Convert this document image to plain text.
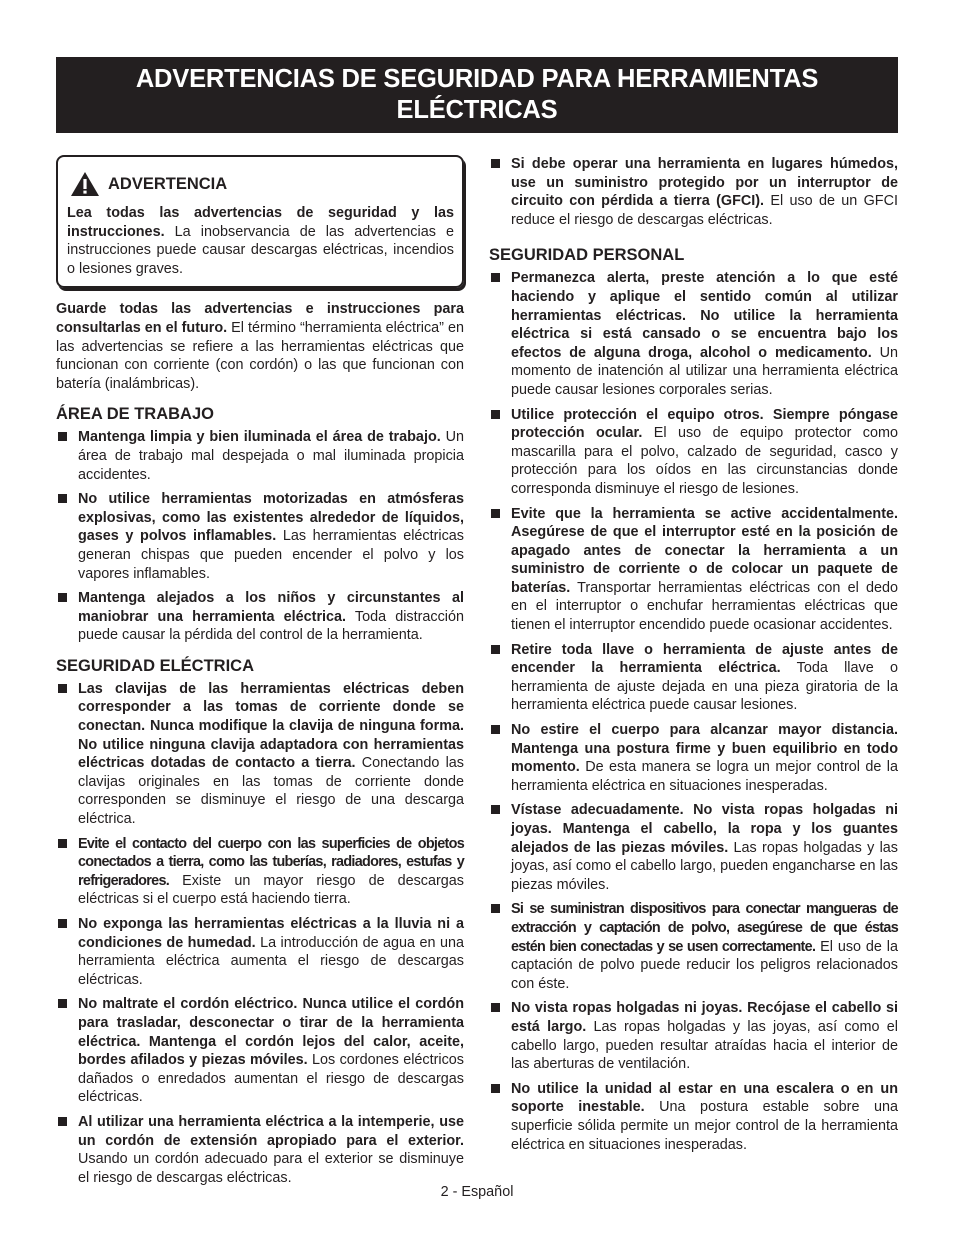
ADVERTENCIAS DE SEGURIDAD PARA HERRAMIENTAS
ELÉCTRICAS
ADVERTENCIA
Lea todas las advertencias de seguridad y las instrucciones. La inobservancia de las advertencias e instrucciones puede causar descargas eléctricas, incendios o lesiones graves.
Guarde todas las advertencias e instrucciones para consultarlas en el futuro. El término “herramienta eléctrica” en las advertencias se refiere a las herramientas eléctricas que funcionan con corriente (con cordón) o las que funcionan con batería (inalámbricas).
ÁREA DE TRABAJO
Mantenga limpia y bien iluminada el área de trabajo. Un área de trabajo mal despejada o mal iluminada propicia accidentes.
No utilice herramientas motorizadas en atmósferas explosivas, como las existentes alrededor de líquidos, gases y polvos inflamables. Las herramientas eléctricas generan chispas que pueden encender el polvo y los vapores inflamables.
Mantenga alejados a los niños y circunstantes al maniobrar una herramienta eléctrica. Toda distracción puede causar la pérdida del control de la herramienta.
SEGURIDAD ELÉCTRICA
Las clavijas de las herramientas eléctricas deben corresponder a las tomas de corriente donde se conectan. Nunca modifique la clavija de ninguna forma. No utilice ninguna clavija adaptadora con herramientas eléctricas dotadas de contacto a tierra. Conectando las clavijas originales en las tomas de corriente donde corresponden se disminuye el riesgo de una descarga eléctrica.
Evite el contacto del cuerpo con las superficies de objetos conectados a tierra, como las tuberías, radiadores, estufas y refrigeradores. Existe un mayor riesgo de descargas eléctricas si el cuerpo está haciendo tierra.
No exponga las herramientas eléctricas a la lluvia ni a condiciones de humedad. La introducción de agua en una herramienta eléctrica aumenta el riesgo de descargas eléctricas.
No maltrate el cordón eléctrico. Nunca utilice el cordón para trasladar, desconectar o tirar de la herramienta eléctrica. Mantenga el cordón lejos del calor, aceite, bordes afilados y piezas móviles. Los cordones eléctricos dañados o enredados aumentan el riesgo de descargas eléctricas.
Al utilizar una herramienta eléctrica a la intemperie, use un cordón de extensión apropiado para el exterior. Usando un cordón adecuado para el exterior se disminuye el riesgo de descargas eléctricas.
Si debe operar una herramienta en lugares húmedos, use un suministro protegido por un interruptor de circuito con pérdida a tierra (GFCI). El uso de un GFCI reduce el riesgo de descargas eléctricas.
SEGURIDAD PERSONAL
Permanezca alerta, preste atención a lo que esté haciendo y aplique el sentido común al utilizar herramientas eléctricas. No utilice la herramienta eléctrica si está cansado o se encuentra bajo los efectos de alguna droga, alcohol o medicamento. Un momento de inatención al utilizar una herramienta eléctrica puede causar lesiones corporales serias.
Utilice protección el equipo otros. Siempre póngase protección ocular. El uso de equipo protector como mascarilla para el polvo, calzado de seguridad, casco y protección para los oídos en las circunstancias donde corresponda disminuye el riesgo de lesiones.
Evite que la herramienta se active accidentalmente. Asegúrese de que el interruptor esté en la posición de apagado antes de conectar la herramienta a un suministro de corriente o de colocar un paquete de baterías. Transportar herramientas eléctricas con el dedo en el interruptor o enchufar herramientas eléctricas que tienen el interruptor encendido puede ocasionar accidentes.
Retire toda llave o herramienta de ajuste antes de encender la herramienta eléctrica. Toda llave o herramienta de ajuste dejada en una pieza giratoria de la herramienta eléctrica puede causar lesiones.
No estire el cuerpo para alcanzar mayor distancia. Mantenga una postura firme y buen equilibrio en todo momento. De esta manera se logra un mejor control de la herramienta eléctrica en situaciones inesperadas.
Vístase adecuadamente. No vista ropas holgadas ni joyas. Mantenga el cabello, la ropa y los guantes alejados de las piezas móviles. Las ropas holgadas y las joyas, así como el cabello largo, pueden engancharse en las piezas móviles.
Si se suministran dispositivos para conectar mangueras de extracción y captación de polvo, asegúrese de que éstas estén bien conectadas y se usen correctamente. El uso de la captación de polvo puede reducir los peligros relacionados con éste.
No vista ropas holgadas ni joyas. Recójase el cabello si está largo. Las ropas holgadas y las joyas, así como el cabello largo, pueden resultar atraídas hacia el interior de las aberturas de ventilación.
No utilice la unidad al estar en una escalera o en un soporte inestable. Una postura estable sobre una superficie sólida permite un mejor control de la herramienta eléctrica en situaciones inesperadas.
2 - Español
